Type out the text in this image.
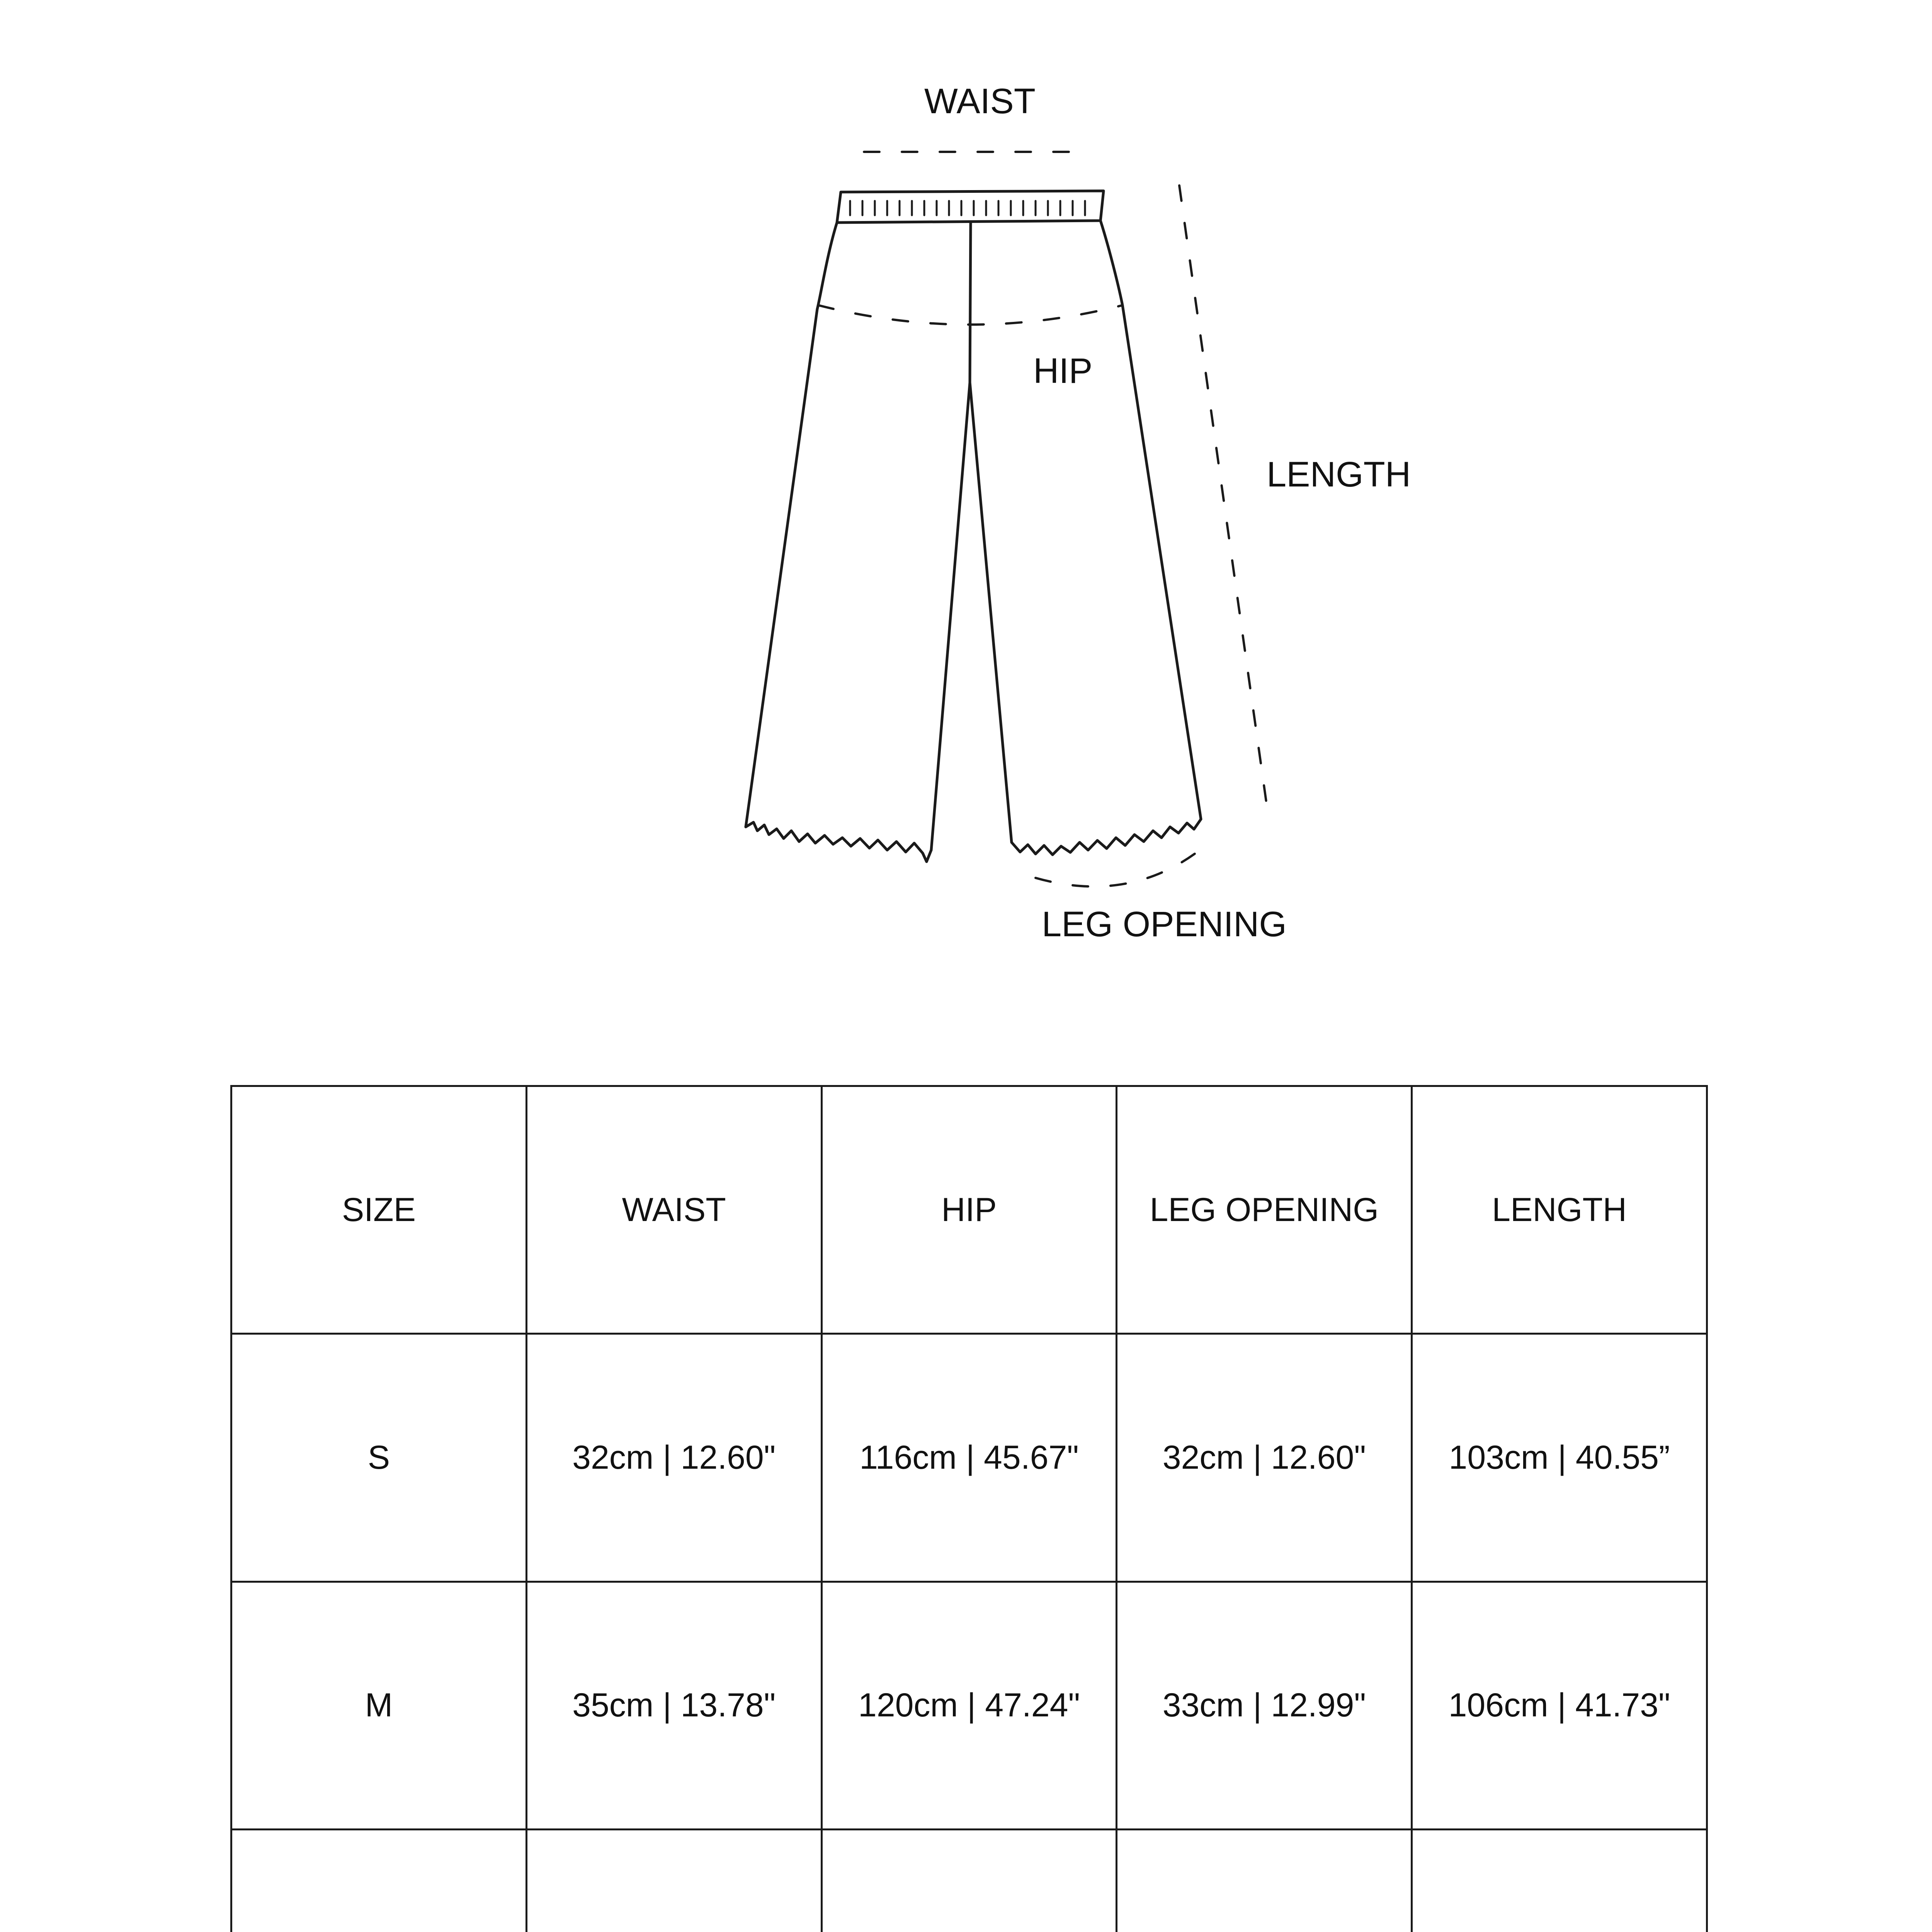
WAIST
HIP
LENGTH
LEG OPENING
SIZE	WAIST	HIP	LEG OPENING	LENGTH
S	32cm | 12.60"	116cm | 45.67"	32cm | 12.60"	103cm | 40.55”
M	35cm | 13.78"	120cm | 47.24"	33cm | 12.99"	106cm | 41.73"
